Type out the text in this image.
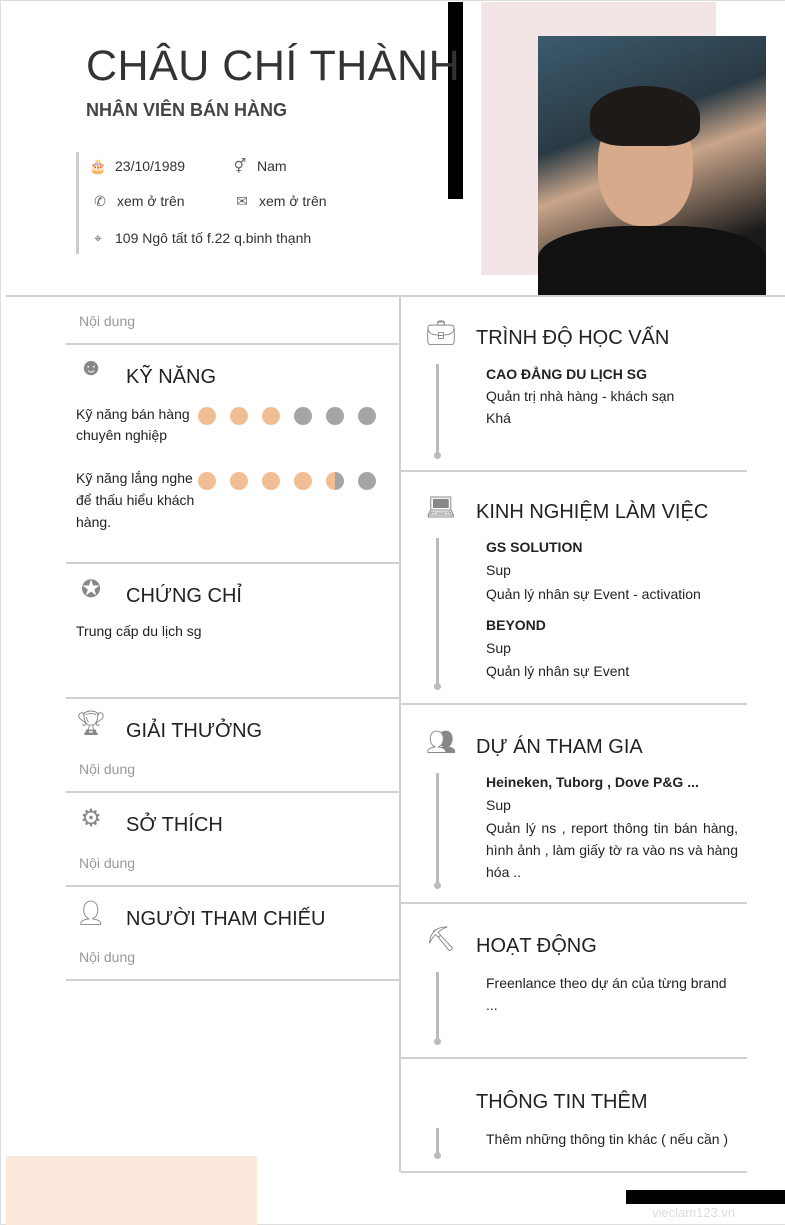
CHÂU CHÍ THÀNH
NHÂN VIÊN BÁN HÀNG
🎂 23/10/1989	⚥ Nam
✆ xem ở trên	✉ xem ở trên
⌖ 109 Ngô tất tố f.22 q.binh thạnh
Nội dung
☻ KỸ NĂNG
Kỹ năng bán hàng chuyên nghiệp
Kỹ năng lắng nghe để thấu hiểu khách hàng.
✪ CHỨNG CHỈ
Trung cấp du lịch sg
🏆︎ GIẢI THƯỞNG
Nội dung
⚙ SỞ THÍCH
Nội dung
👤︎ NGƯỜI THAM CHIẾU
Nội dung
💼︎ TRÌNH ĐỘ HỌC VẤN
CAO ĐẲNG DU LỊCH SG
Quản trị nhà hàng - khách sạn
Khá
💻︎ KINH NGHIỆM LÀM VIỆC
GS SOLUTION
Sup
Quản lý nhân sự Event - activation
BEYOND
Sup
Quản lý nhân sự Event
👥︎ DỰ ÁN THAM GIA
Heineken, Tuborg , Dove P&G ...
Sup
Quản lý ns , report thông tin bán hàng, hình ảnh , làm giấy tờ ra vào ns và hàng hóa ..
⛏ HOẠT ĐỘNG
Freenlance theo dự án của từng brand ...
THÔNG TIN THÊM
Thêm những thông tin khác ( nếu cần )
vieclam123.vn
